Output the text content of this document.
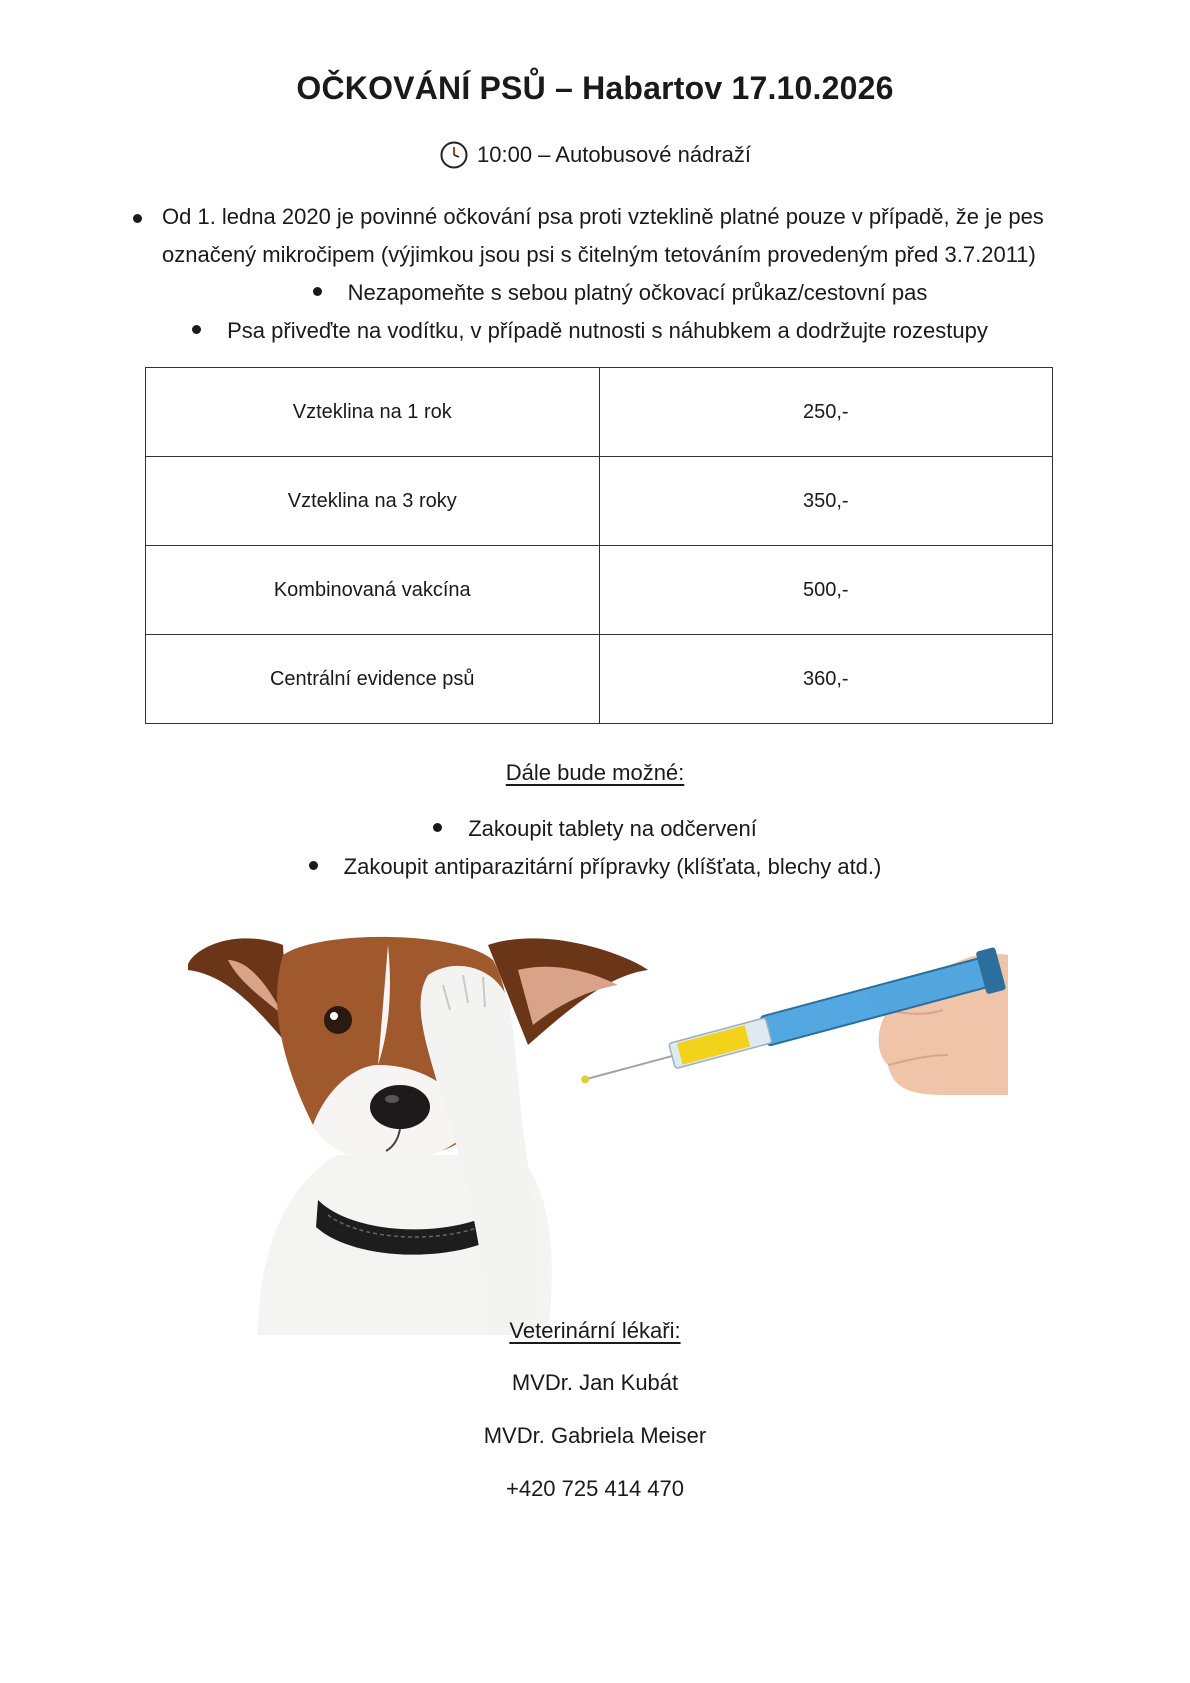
OČKOVÁNÍ PSŮ – Habartov 17.10.2026
10:00 – Autobusové nádraží
Od 1. ledna 2020 je povinné očkování psa proti vzteklině platné pouze v případě, že je pes
označený mikročipem (výjimkou jsou psi s čitelným tetováním provedeným před 3.7.2011)
Nezapomeňte s sebou platný očkovací průkaz/cestovní pas
Psa přiveďte na vodítku, v případě nutnosti s náhubkem a dodržujte rozestupy
Vzteklina na 1 rok	250,-
Vzteklina na 3 roky	350,-
Kombinovaná vakcína	500,-
Centrální evidence psů	360,-
Dále bude možné:
Zakoupit tablety na odčervení
Zakoupit antiparazitární přípravky (klíšťata, blechy atd.)
Veterinární lékaři:
MVDr. Jan Kubát
MVDr. Gabriela Meiser
+420 725 414 470
